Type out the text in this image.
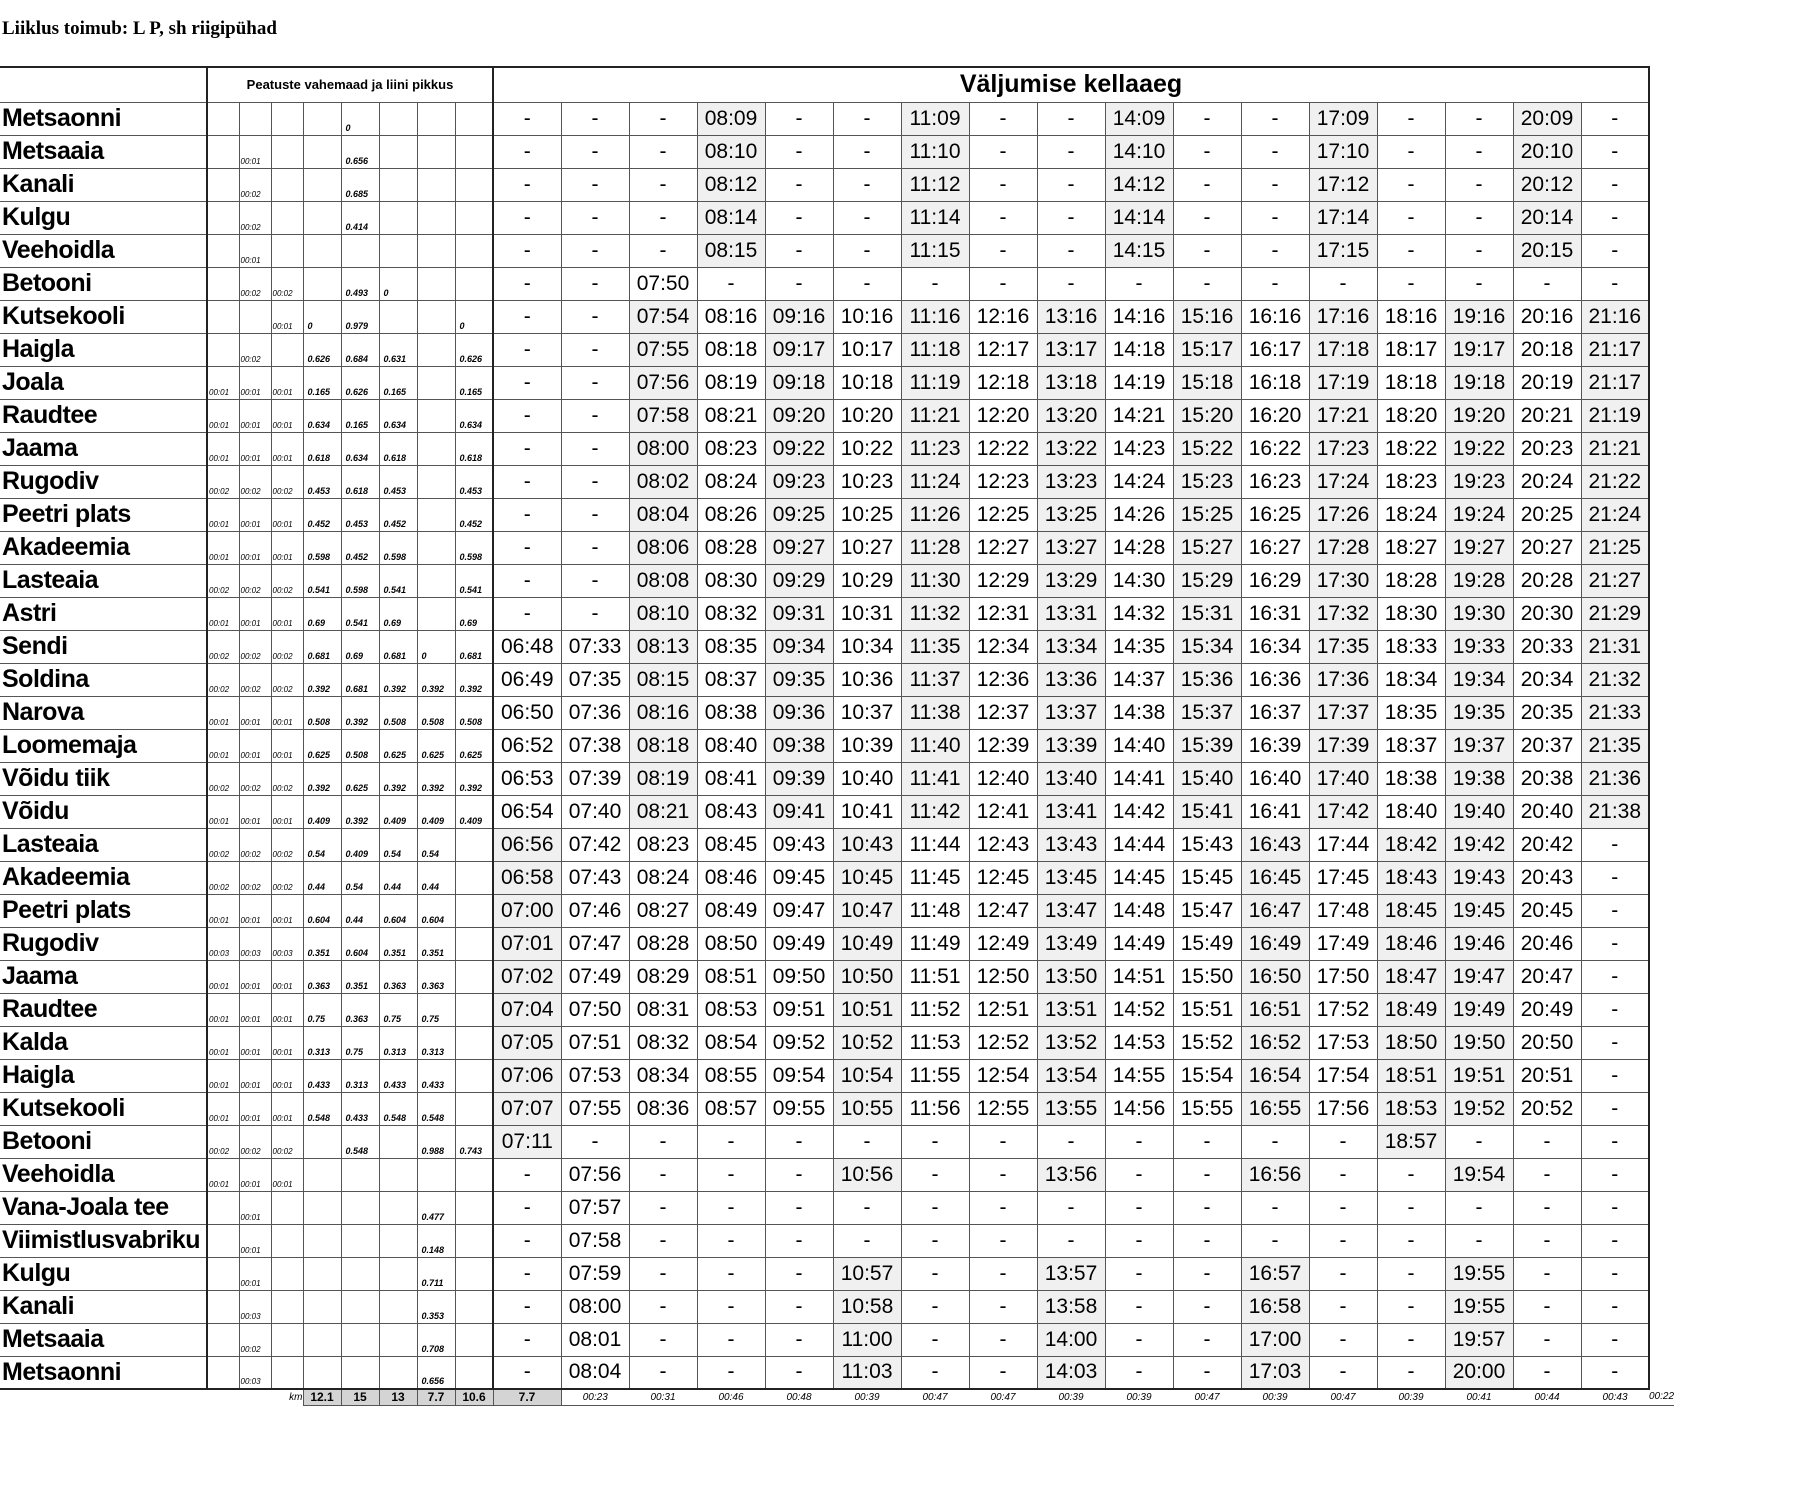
Liiklus toimub: L P, sh riigipühad
	Peatuste vahemaad ja liini pikkus								Väljumise kellaaeg																	
Metsaonni					0				-	-	-	08:09	-	-	11:09	-	-	14:09	-	-	17:09	-	-	20:09	-	
Metsaaia		00:01			0.656				-	-	-	08:10	-	-	11:10	-	-	14:10	-	-	17:10	-	-	20:10	-	
Kanali		00:02			0.685				-	-	-	08:12	-	-	11:12	-	-	14:12	-	-	17:12	-	-	20:12	-	
Kulgu		00:02			0.414				-	-	-	08:14	-	-	11:14	-	-	14:14	-	-	17:14	-	-	20:14	-	
Veehoidla		00:01							-	-	-	08:15	-	-	11:15	-	-	14:15	-	-	17:15	-	-	20:15	-	
Betooni		00:02	00:02		0.493	0			-	-	07:50	-	-	-	-	-	-	-	-	-	-	-	-	-	-	
Kutsekooli			00:01	0	0.979			0	-	-	07:54	08:16	09:16	10:16	11:16	12:16	13:16	14:16	15:16	16:16	17:16	18:16	19:16	20:16	21:16	
Haigla		00:02		0.626	0.684	0.631		0.626	-	-	07:55	08:18	09:17	10:17	11:18	12:17	13:17	14:18	15:17	16:17	17:18	18:17	19:17	20:18	21:17	
Joala	00:01	00:01	00:01	0.165	0.626	0.165		0.165	-	-	07:56	08:19	09:18	10:18	11:19	12:18	13:18	14:19	15:18	16:18	17:19	18:18	19:18	20:19	21:17	
Raudtee	00:01	00:01	00:01	0.634	0.165	0.634		0.634	-	-	07:58	08:21	09:20	10:20	11:21	12:20	13:20	14:21	15:20	16:20	17:21	18:20	19:20	20:21	21:19	
Jaama	00:01	00:01	00:01	0.618	0.634	0.618		0.618	-	-	08:00	08:23	09:22	10:22	11:23	12:22	13:22	14:23	15:22	16:22	17:23	18:22	19:22	20:23	21:21	
Rugodiv	00:02	00:02	00:02	0.453	0.618	0.453		0.453	-	-	08:02	08:24	09:23	10:23	11:24	12:23	13:23	14:24	15:23	16:23	17:24	18:23	19:23	20:24	21:22	
Peetri plats	00:01	00:01	00:01	0.452	0.453	0.452		0.452	-	-	08:04	08:26	09:25	10:25	11:26	12:25	13:25	14:26	15:25	16:25	17:26	18:24	19:24	20:25	21:24	
Akadeemia	00:01	00:01	00:01	0.598	0.452	0.598		0.598	-	-	08:06	08:28	09:27	10:27	11:28	12:27	13:27	14:28	15:27	16:27	17:28	18:27	19:27	20:27	21:25	
Lasteaia	00:02	00:02	00:02	0.541	0.598	0.541		0.541	-	-	08:08	08:30	09:29	10:29	11:30	12:29	13:29	14:30	15:29	16:29	17:30	18:28	19:28	20:28	21:27	
Astri	00:01	00:01	00:01	0.69	0.541	0.69		0.69	-	-	08:10	08:32	09:31	10:31	11:32	12:31	13:31	14:32	15:31	16:31	17:32	18:30	19:30	20:30	21:29	
Sendi	00:02	00:02	00:02	0.681	0.69	0.681	0	0.681	06:48	07:33	08:13	08:35	09:34	10:34	11:35	12:34	13:34	14:35	15:34	16:34	17:35	18:33	19:33	20:33	21:31	
Soldina	00:02	00:02	00:02	0.392	0.681	0.392	0.392	0.392	06:49	07:35	08:15	08:37	09:35	10:36	11:37	12:36	13:36	14:37	15:36	16:36	17:36	18:34	19:34	20:34	21:32	
Narova	00:01	00:01	00:01	0.508	0.392	0.508	0.508	0.508	06:50	07:36	08:16	08:38	09:36	10:37	11:38	12:37	13:37	14:38	15:37	16:37	17:37	18:35	19:35	20:35	21:33	
Loomemaja	00:01	00:01	00:01	0.625	0.508	0.625	0.625	0.625	06:52	07:38	08:18	08:40	09:38	10:39	11:40	12:39	13:39	14:40	15:39	16:39	17:39	18:37	19:37	20:37	21:35	
Võidu tiik	00:02	00:02	00:02	0.392	0.625	0.392	0.392	0.392	06:53	07:39	08:19	08:41	09:39	10:40	11:41	12:40	13:40	14:41	15:40	16:40	17:40	18:38	19:38	20:38	21:36	
Võidu	00:01	00:01	00:01	0.409	0.392	0.409	0.409	0.409	06:54	07:40	08:21	08:43	09:41	10:41	11:42	12:41	13:41	14:42	15:41	16:41	17:42	18:40	19:40	20:40	21:38	
Lasteaia	00:02	00:02	00:02	0.54	0.409	0.54	0.54		06:56	07:42	08:23	08:45	09:43	10:43	11:44	12:43	13:43	14:44	15:43	16:43	17:44	18:42	19:42	20:42	-	
Akadeemia	00:02	00:02	00:02	0.44	0.54	0.44	0.44		06:58	07:43	08:24	08:46	09:45	10:45	11:45	12:45	13:45	14:45	15:45	16:45	17:45	18:43	19:43	20:43	-	
Peetri plats	00:01	00:01	00:01	0.604	0.44	0.604	0.604		07:00	07:46	08:27	08:49	09:47	10:47	11:48	12:47	13:47	14:48	15:47	16:47	17:48	18:45	19:45	20:45	-	
Rugodiv	00:03	00:03	00:03	0.351	0.604	0.351	0.351		07:01	07:47	08:28	08:50	09:49	10:49	11:49	12:49	13:49	14:49	15:49	16:49	17:49	18:46	19:46	20:46	-	
Jaama	00:01	00:01	00:01	0.363	0.351	0.363	0.363		07:02	07:49	08:29	08:51	09:50	10:50	11:51	12:50	13:50	14:51	15:50	16:50	17:50	18:47	19:47	20:47	-	
Raudtee	00:01	00:01	00:01	0.75	0.363	0.75	0.75		07:04	07:50	08:31	08:53	09:51	10:51	11:52	12:51	13:51	14:52	15:51	16:51	17:52	18:49	19:49	20:49	-	
Kalda	00:01	00:01	00:01	0.313	0.75	0.313	0.313		07:05	07:51	08:32	08:54	09:52	10:52	11:53	12:52	13:52	14:53	15:52	16:52	17:53	18:50	19:50	20:50	-	
Haigla	00:01	00:01	00:01	0.433	0.313	0.433	0.433		07:06	07:53	08:34	08:55	09:54	10:54	11:55	12:54	13:54	14:55	15:54	16:54	17:54	18:51	19:51	20:51	-	
Kutsekooli	00:01	00:01	00:01	0.548	0.433	0.548	0.548		07:07	07:55	08:36	08:57	09:55	10:55	11:56	12:55	13:55	14:56	15:55	16:55	17:56	18:53	19:52	20:52	-	
Betooni	00:02	00:02	00:02		0.548		0.988	0.743	07:11	-	-	-	-	-	-	-	-	-	-	-	-	18:57	-	-	-	
Veehoidla	00:01	00:01	00:01						-	07:56	-	-	-	10:56	-	-	13:56	-	-	16:56	-	-	19:54	-	-	
Vana-Joala tee		00:01					0.477		-	07:57	-	-	-	-	-	-	-	-	-	-	-	-	-	-	-	
Viimistlusvabriku		00:01					0.148		-	07:58	-	-	-	-	-	-	-	-	-	-	-	-	-	-	-	
Kulgu		00:01					0.711		-	07:59	-	-	-	10:57	-	-	13:57	-	-	16:57	-	-	19:55	-	-	
Kanali		00:03					0.353		-	08:00	-	-	-	10:58	-	-	13:58	-	-	16:58	-	-	19:55	-	-	
Metsaaia		00:02					0.708		-	08:01	-	-	-	11:00	-	-	14:00	-	-	17:00	-	-	19:57	-	-	
Metsaonni		00:03					0.656		-	08:04	-	-	-	11:03	-	-	14:03	-	-	17:03	-	-	20:00	-	-	
			km	12.1	15	13	7.7	10.6	7.7	00:23	00:31	00:46	00:48	00:39	00:47	00:47	00:39	00:39	00:47	00:39	00:47	00:39	00:41	00:44	00:43	00:22
